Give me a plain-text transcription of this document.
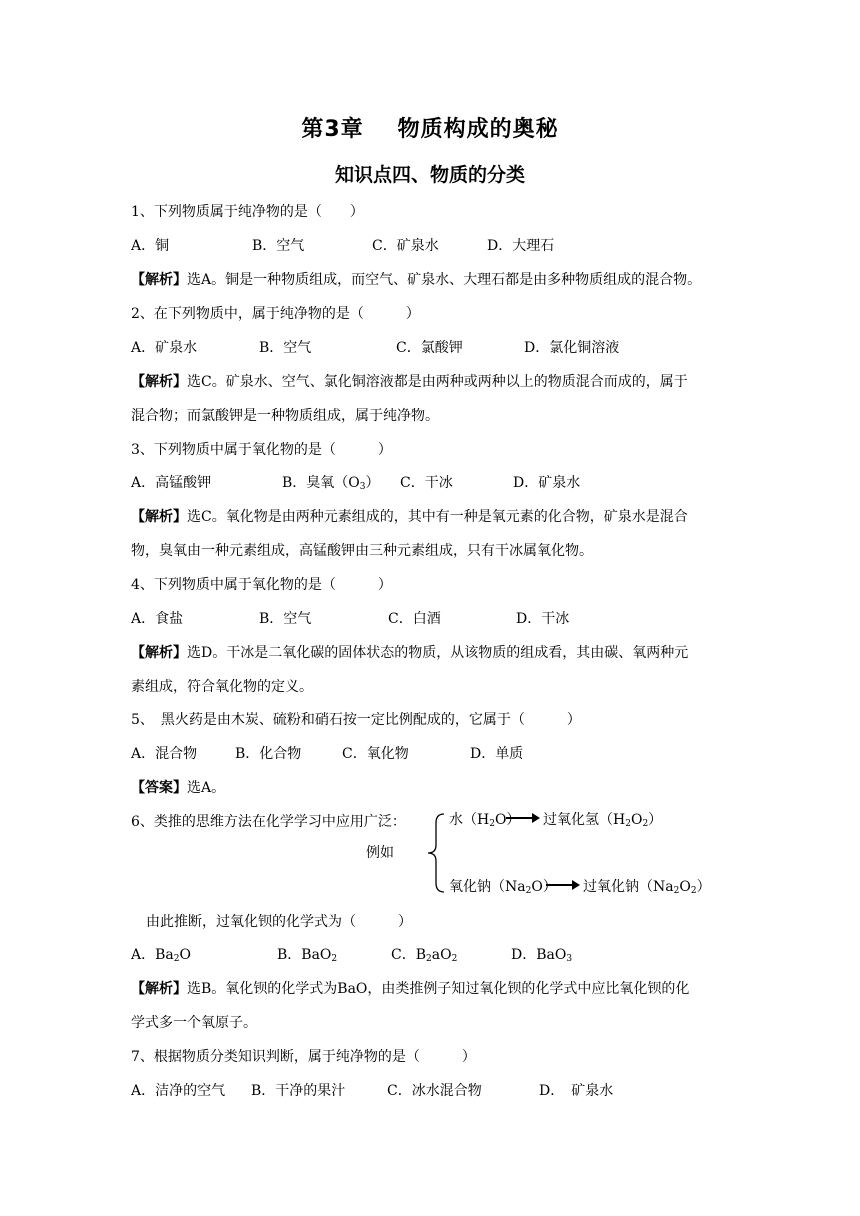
第3章 物质构成的奥秘
知识点四、物质的分类
1、下列物质属于纯净物的是（　　）
A．铜	B．空气	C．矿泉水	D．大理石
【解析】选A。铜是一种物质组成，而空气、矿泉水、大理石都是由多种物质组成的混合物。
2、在下列物质中，属于纯净物的是（　　　）
A．矿泉水	B．空气	C．氯酸钾	D．氯化铜溶液
【解析】选C。矿泉水、空气、氯化铜溶液都是由两种或两种以上的物质混合而成的，属于
混合物；而氯酸钾是一种物质组成，属于纯净物。
3、下列物质中属于氧化物的是（　　　）
A．高锰酸钾	B．臭氧$(O_3)$ C．干冰	D．矿泉水
【解析】选C。氧化物是由两种元素组成的，其中有一种是氧元素的化合物，矿泉水是混合
物，臭氧由一种元素组成，高锰酸钾由三种元素组成，只有干冰属氧化物。
4、下列物质中属于氧化物的是（　　　）
A．食盐	B．空气	C．白酒	D．干冰
【解析】选D。干冰是二氧化碳的固体状态的物质，从该物质的组成看，其由碳、氧两种元
素组成，符合氧化物的定义。
5、　黑火药是由木炭、硫粉和硝石按一定比例配成的，它属于（　　　）
A．混合物	B．化合物	C．氧化物	D．单质
【答案】选A。
6、类推的思维方法在化学学习中应用广泛：	水$(H_2O)$ 过氧化氢$(H_2O_2)$
例如
氧化钠$(Na_2O)$ 过氧化钠$(Na_2O_2)$
由此推断，过氧化钡的化学式为（　　　）
A．$Ba_2O$	B．BaO$_2$	C．$B_2aO_2$	D．BaO$_3$
【解析】选B。氧化钡的化学式为BaO，由类推例子知过氧化钡的化学式中应比氧化钡的化
学式多一个氧原子。
7、根据物质分类知识判断，属于纯净物的是（　　　）
A．洁净的空气 B．干净的果汁	C．冰水混合物	D．　矿泉水
